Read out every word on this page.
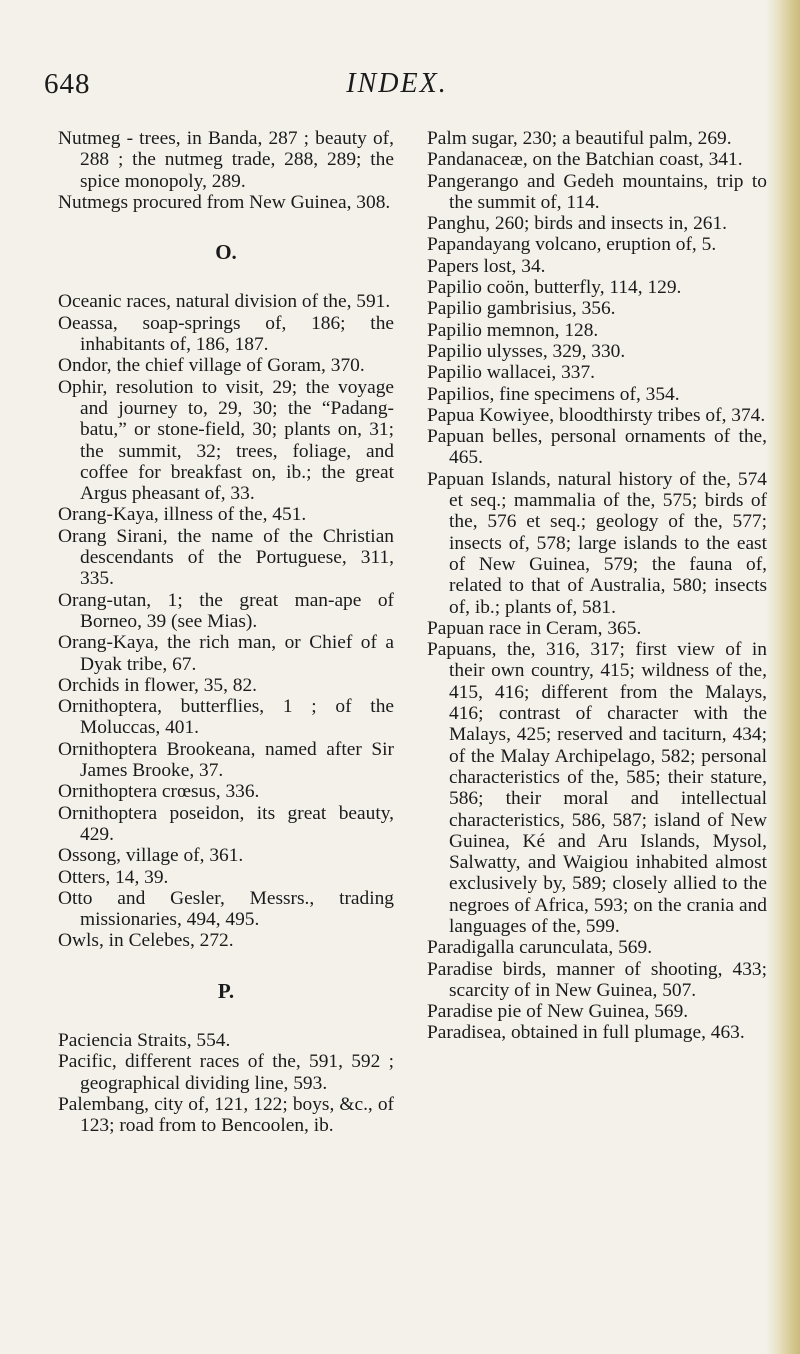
648	INDEX.

Nutmeg - trees, in Banda, 287 ; beauty of, 288 ; the nutmeg trade, 288, 289; the spice monopoly, 289.

Nutmegs procured from New Guinea, 308.

O.

Oceanic races, natural division of the, 591.

Oeassa, soap-springs of, 186; the inhabitants of, 186, 187.

Ondor, the chief village of Goram, 370.

Ophir, resolution to visit, 29; the voyage and journey to, 29, 30; the “Padang-batu,” or stone-field, 30; plants on, 31; the summit, 32; trees, foliage, and coffee for breakfast on, ib.; the great Argus pheasant of, 33.

Orang-Kaya, illness of the, 451.

Orang Sirani, the name of the Christian descendants of the Portuguese, 311, 335.

Orang-utan, 1; the great man-ape of Borneo, 39 (see Mias).

Orang-Kaya, the rich man, or Chief of a Dyak tribe, 67.

Orchids in flower, 35, 82.

Ornithoptera, butterflies, 1 ; of the Moluccas, 401.

Ornithoptera Brookeana, named after Sir James Brooke, 37.

Ornithoptera crœsus, 336.

Ornithoptera poseidon, its great beauty, 429.

Ossong, village of, 361.

Otters, 14, 39.

Otto and Gesler, Messrs., trading missionaries, 494, 495.

Owls, in Celebes, 272.

P.

Paciencia Straits, 554.

Pacific, different races of the, 591, 592 ; geographical dividing line, 593.

Palembang, city of, 121, 122; boys, &c., of 123; road from to Bencoolen, ib.

Palm sugar, 230; a beautiful palm, 269.

Pandanaceæ, on the Batchian coast, 341.

Pangerango and Gedeh mountains, trip to the summit of, 114.

Panghu, 260; birds and insects in, 261.

Papandayang volcano, eruption of, 5.

Papers lost, 34.

Papilio coön, butterfly, 114, 129.

Papilio gambrisius, 356.

Papilio memnon, 128.

Papilio ulysses, 329, 330.

Papilio wallacei, 337.

Papilios, fine specimens of, 354.

Papua Kowiyee, bloodthirsty tribes of, 374.

Papuan belles, personal ornaments of the, 465.

Papuan Islands, natural history of the, 574 et seq.; mammalia of the, 575; birds of the, 576 et seq.; geology of the, 577; insects of, 578; large islands to the east of New Guinea, 579; the fauna of, related to that of Australia, 580; insects of, ib.; plants of, 581.

Papuan race in Ceram, 365.

Papuans, the, 316, 317; first view of in their own country, 415; wildness of the, 415, 416; different from the Malays, 416; contrast of character with the Malays, 425; reserved and taciturn, 434; of the Malay Archipelago, 582; personal characteristics of the, 585; their stature, 586; their moral and intellectual characteristics, 586, 587; island of New Guinea, Ké and Aru Islands, Mysol, Salwatty, and Waigiou inhabited almost exclusively by, 589; closely allied to the negroes of Africa, 593; on the crania and languages of the, 599.

Paradigalla carunculata, 569.

Paradise birds, manner of shooting, 433; scarcity of in New Guinea, 507.

Paradise pie of New Guinea, 569.

Paradisea, obtained in full plumage, 463.
